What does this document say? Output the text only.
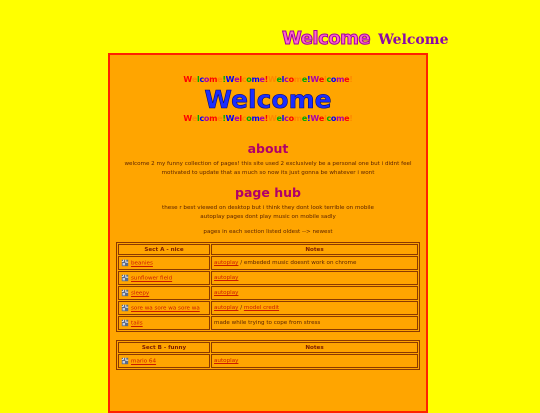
Welcome Welcome
Welcome!Welcome!Welcome!Welcome!
Welcome
Welcome!Welcome!Welcome!Welcome!
about
welcome 2 my funny collection of pages! this site used 2 exclusively be a personal one but i didnt feel
motivated to update that as much so now its just gonna be whatever i wont
page hub
these r best viewed on desktop but i think they dont look terrible on mobile
autoplay pages dont play music on mobile sadly
pages in each section listed oldest --> newest
Sect A - nice	Notes
beanies	autoplay / embeded music doesnt work on chrome
sunflower field	autoplay
sleepy	autoplay
sore wa sore wa sore wa	autoplay / model credit
tails	made while trying to cope from stress
Sect B - funny	Notes
mario 64	autoplay
